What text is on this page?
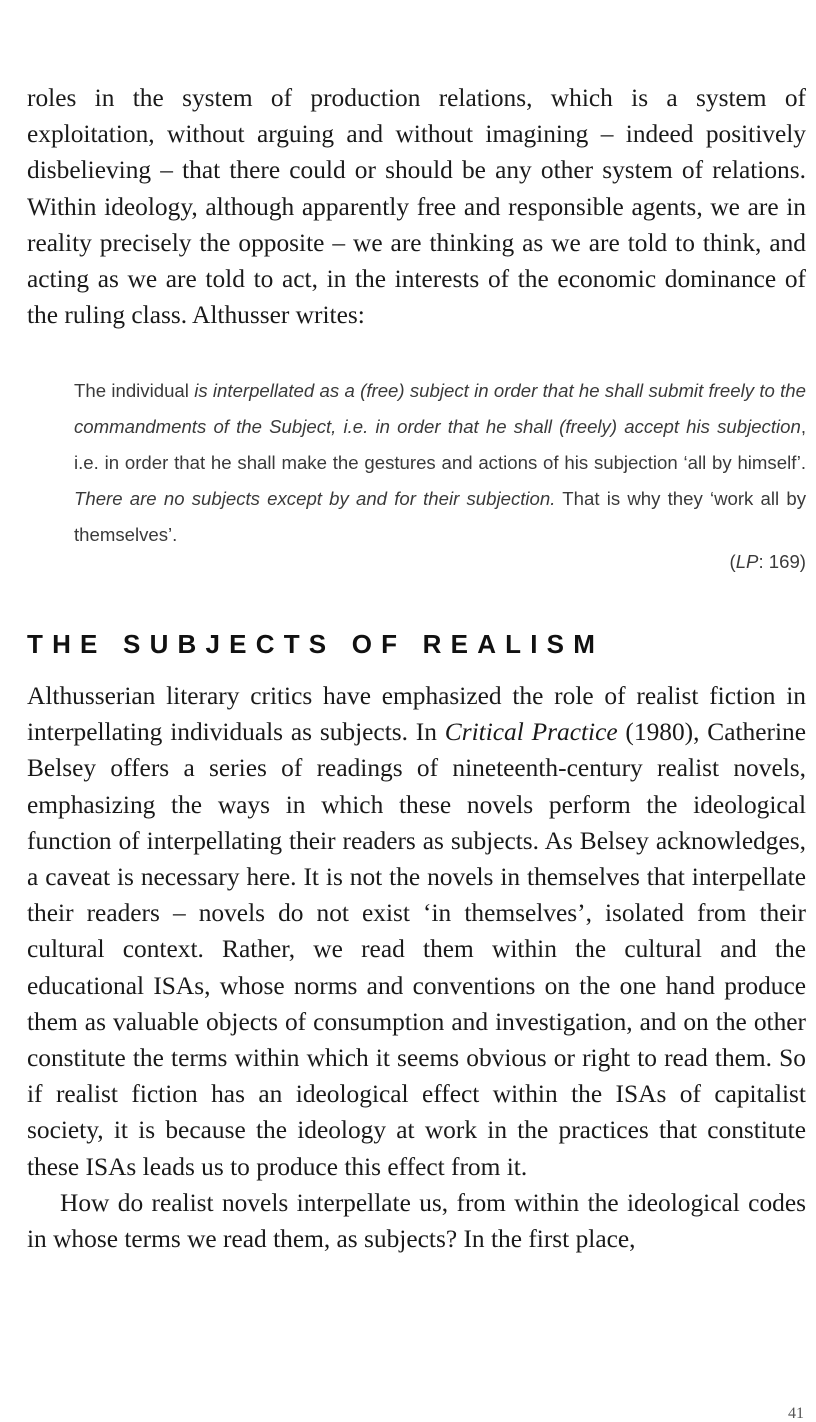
roles in the system of production relations, which is a system of exploitation, without arguing and without imagining – indeed positively disbelieving – that there could or should be any other system of relations. Within ideology, although apparently free and responsible agents, we are in reality precisely the opposite – we are thinking as we are told to think, and acting as we are told to act, in the interests of the economic dominance of the ruling class. Althusser writes:

The individual is interpellated as a (free) subject in order that he shall submit freely to the commandments of the Subject, i.e. in order that he shall (freely) accept his subjection, i.e. in order that he shall make the gestures and actions of his subjection ‘all by himself’. There are no subjects except by and for their subjection. That is why they ‘work all by themselves’.
(LP: 169)
THE SUBJECTS OF REALISM

Althusserian literary critics have emphasized the role of realist fiction in interpellating individuals as subjects. In Critical Practice (1980), Catherine Belsey offers a series of readings of nineteenth-century realist novels, emphasizing the ways in which these novels perform the ideological function of interpellating their readers as subjects. As Belsey acknowledges, a caveat is necessary here. It is not the novels in themselves that interpellate their readers – novels do not exist ‘in themselves’, isolated from their cultural context. Rather, we read them within the cultural and the educational ISAs, whose norms and conventions on the one hand produce them as valuable objects of consumption and investigation, and on the other constitute the terms within which it seems obvious or right to read them. So if realist fiction has an ideological effect within the ISAs of capitalist society, it is because the ideology at work in the practices that constitute these ISAs leads us to produce this effect from it.

How do realist novels interpellate us, from within the ideological codes in whose terms we read them, as subjects? In the first place,

41
